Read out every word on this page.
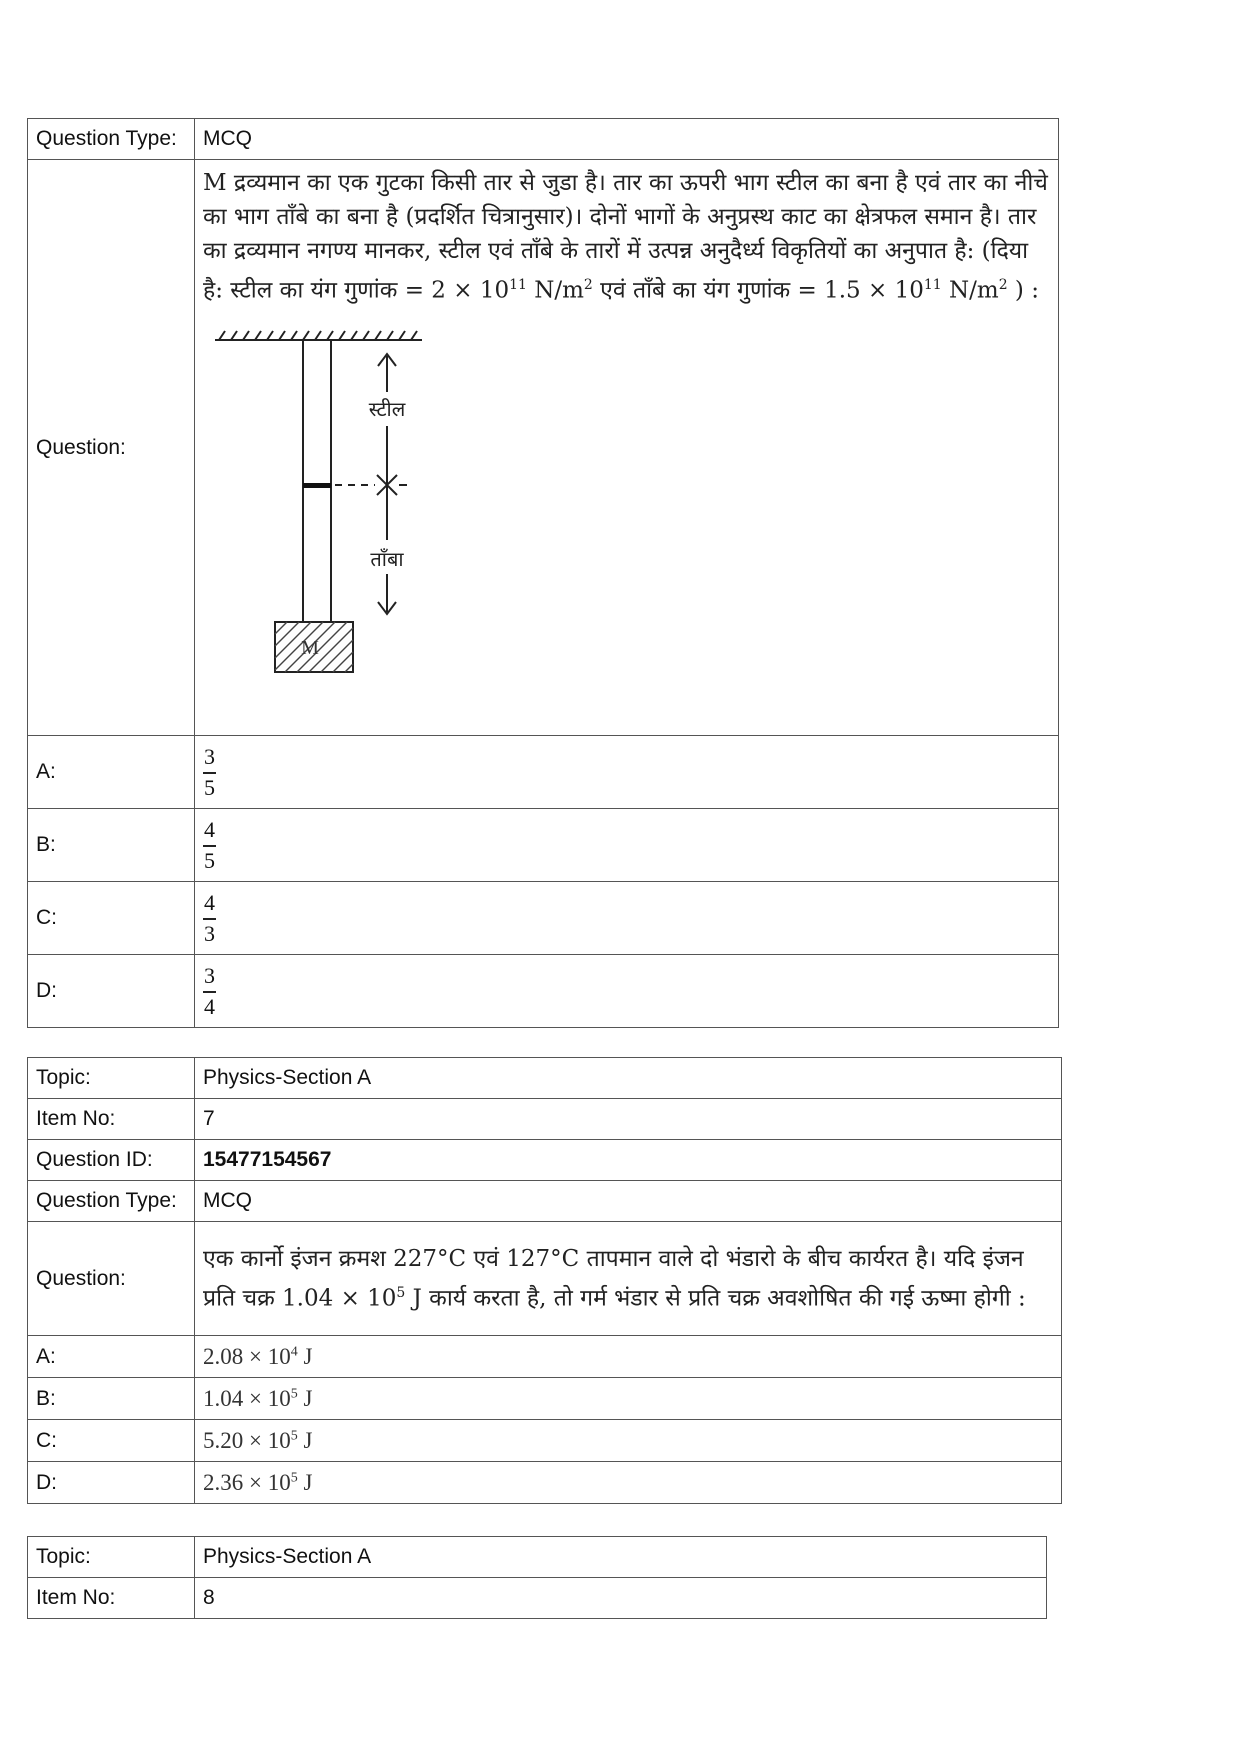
Question Type:	MCQ
Question:	M द्रव्यमान का एक गुटका किसी तार से जुडा है। तार का ऊपरी भाग स्टील का बना है एवं तार का नीचे का भाग ताँबे का बना है (प्रदर्शित चित्रानुसार)। दोनों भागों के अनुप्रस्थ काट का क्षेत्रफल समान है। तार का द्रव्यमान नगण्य मानकर, स्टील एवं ताँबे के तारों में उत्पन्न अनुदैर्ध्य विकृतियों का अनुपात है: (दिया है: स्टील का यंग गुणांक = $2 \times 10^{11}$ $N/m^2$ एवं ताँबे का यंग गुणांक = $1.5 \times 10^{11}$ $N/m^2$ ) :
स्टील
ताँबा
M

A:	$\frac{3}{5}$

B:	$\frac{4}{5}$

C:	$\frac{4}{3}$

D:	$\frac{3}{4}$
Topic:	Physics-Section A
Item No:	7
Question ID:	15477154567
Question Type:	MCQ
Question:	एक कार्नो इंजन क्रमश 227°C एवं 127°C तापमान वाले दो भंडारो के बीच कार्यरत है। यदि इंजन प्रति चक्र $1.04 \times 10^5$ J कार्य करता है, तो गर्म भंडार से प्रति चक्र अवशोषित की गई ऊष्मा होगी :

A:	$2.08 \times 10^4$ J
B:	$1.04 \times 10^5$ J
C:	$5.20 \times 10^5$ J
D:	$2.36 \times 10^5$ J
Topic:	Physics-Section A
Item No:	8
